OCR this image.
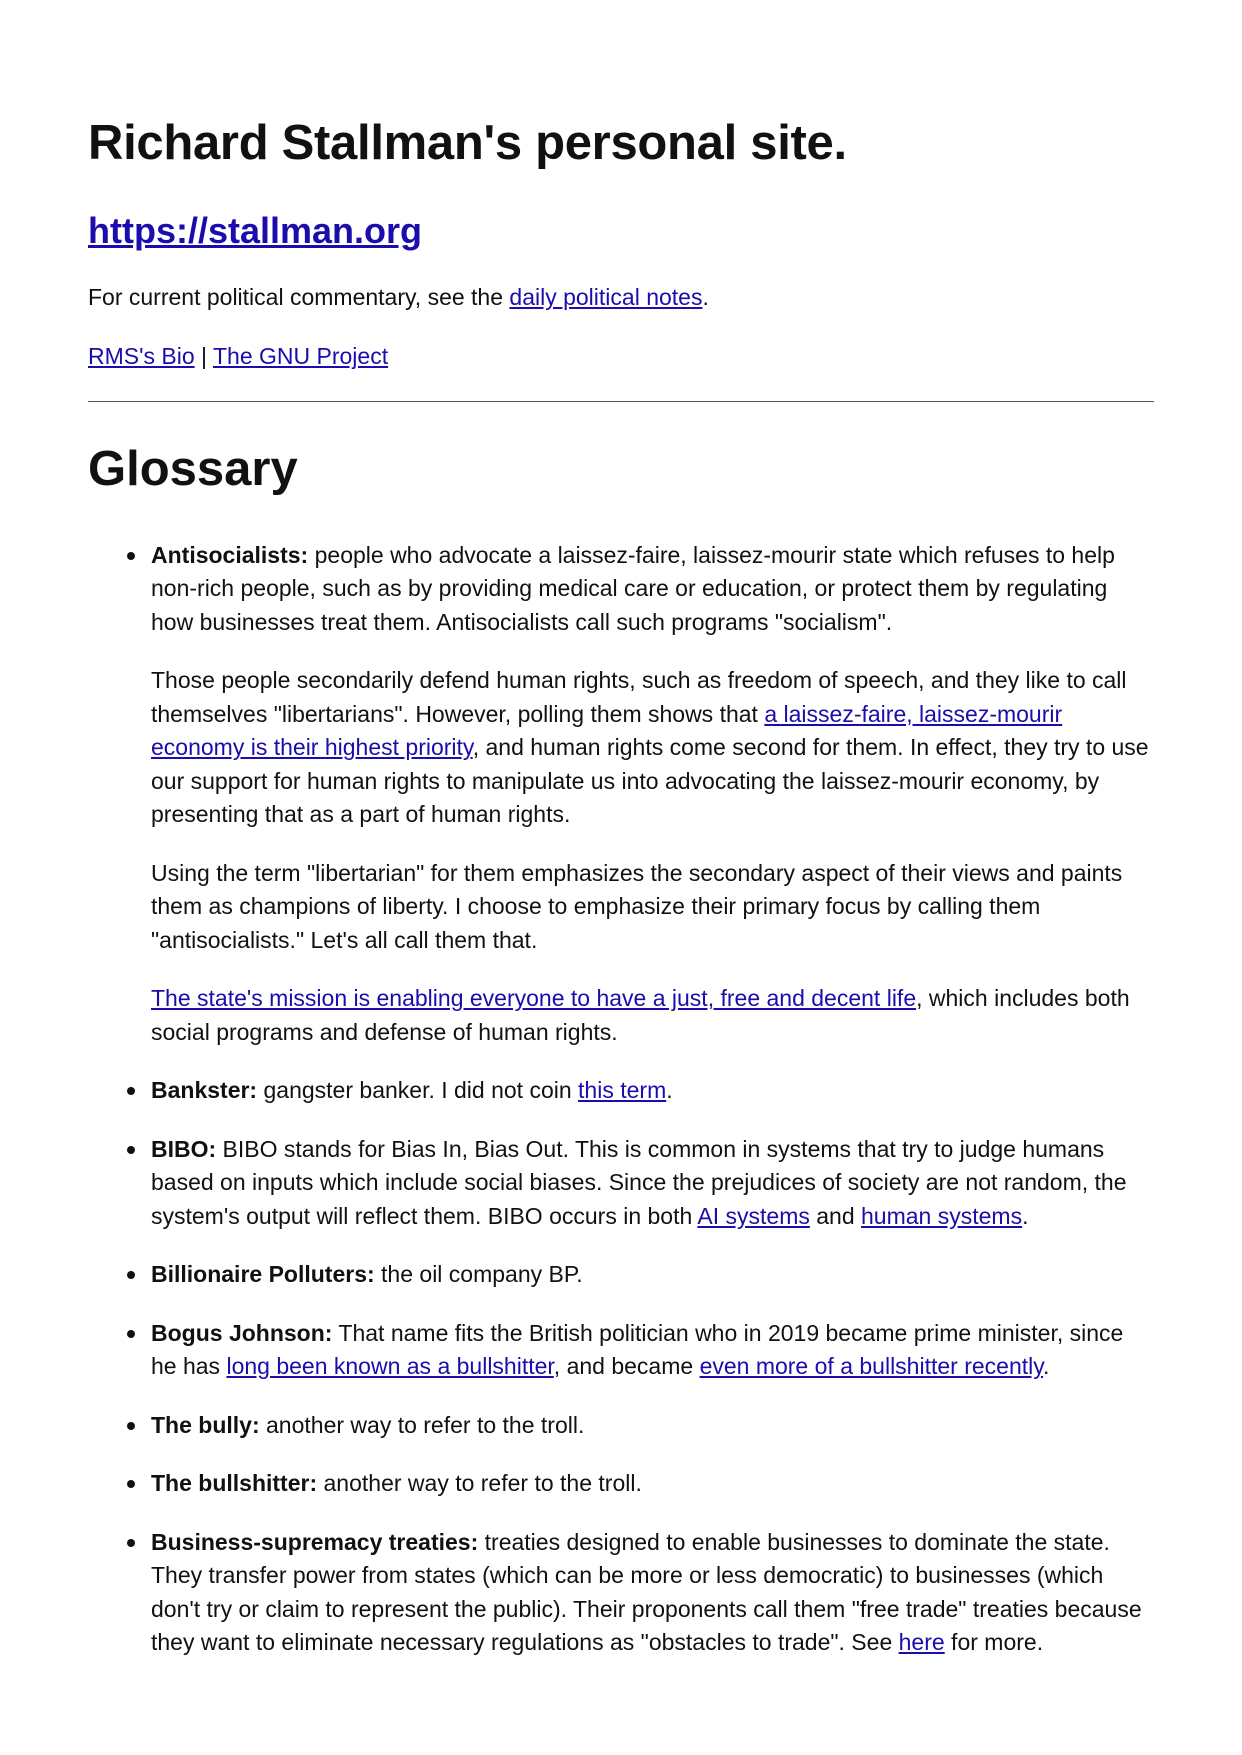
Richard Stallman's personal site.
https://stallman.org

For current political commentary, see the daily political notes.

RMS's Bio | The GNU Project

Glossary

Antisocialists: people who advocate a laissez-faire, laissez-mourir state which refuses to help non-rich people, such as by providing medical care or education, or protect them by regulating how businesses treat them. Antisocialists call such programs "socialism".

Those people secondarily defend human rights, such as freedom of speech, and they like to call themselves "libertarians". However, polling them shows that a laissez-faire, laissez-mourir economy is their highest priority, and human rights come second for them. In effect, they try to use our support for human rights to manipulate us into advocating the laissez-mourir economy, by presenting that as a part of human rights.

Using the term "libertarian" for them emphasizes the secondary aspect of their views and paints them as champions of liberty. I choose to emphasize their primary focus by calling them "antisocialists." Let's all call them that.

The state's mission is enabling everyone to have a just, free and decent life, which includes both social programs and defense of human rights.

Bankster: gangster banker. I did not coin this term.
BIBO: BIBO stands for Bias In, Bias Out. This is common in systems that try to judge humans based on inputs which include social biases. Since the prejudices of society are not random, the system's output will reflect them. BIBO occurs in both AI systems and human systems.
Billionaire Polluters: the oil company BP.
Bogus Johnson: That name fits the British politician who in 2019 became prime minister, since he has long been known as a bullshitter, and became even more of a bullshitter recently.
The bully: another way to refer to the troll.
The bullshitter: another way to refer to the troll.
Business-supremacy treaties: treaties designed to enable businesses to dominate the state. They transfer power from states (which can be more or less democratic) to businesses (which don't try or claim to represent the public). Their proponents call them "free trade" treaties because they want to eliminate necessary regulations as "obstacles to trade". See here for more.
